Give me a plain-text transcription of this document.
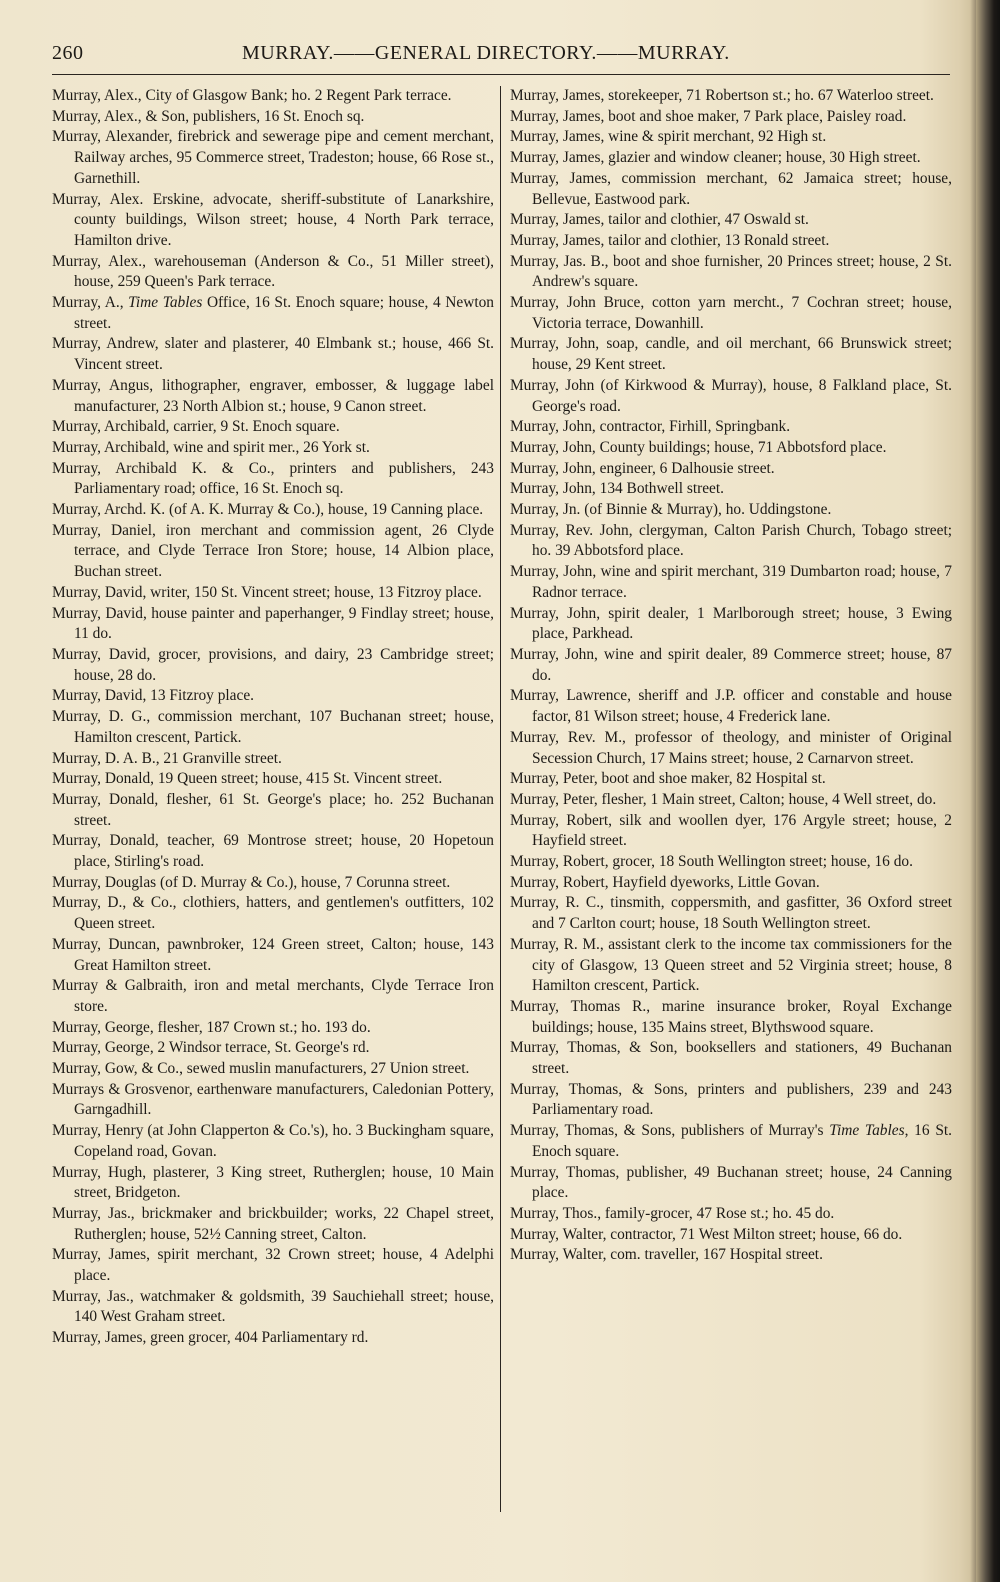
260	MURRAY.——GENERAL DIRECTORY.——MURRAY.

Murray, Alex., City of Glasgow Bank; ho. 2 Regent Park terrace.

Murray, Alex., & Son, publishers, 16 St. Enoch sq.

Murray, Alexander, firebrick and sewerage pipe and cement merchant, Railway arches, 95 Commerce street, Tradeston; house, 66 Rose st., Garnethill.

Murray, Alex. Erskine, advocate, sheriff-substitute of Lanarkshire, county buildings, Wilson street; house, 4 North Park terrace, Hamilton drive.

Murray, Alex., warehouseman (Anderson & Co., 51 Miller street), house, 259 Queen's Park terrace.

Murray, A., Time Tables Office, 16 St. Enoch square; house, 4 Newton street.

Murray, Andrew, slater and plasterer, 40 Elmbank st.; house, 466 St. Vincent street.

Murray, Angus, lithographer, engraver, embosser, & luggage label manufacturer, 23 North Albion st.; house, 9 Canon street.

Murray, Archibald, carrier, 9 St. Enoch square.

Murray, Archibald, wine and spirit mer., 26 York st.

Murray, Archibald K. & Co., printers and publishers, 243 Parliamentary road; office, 16 St. Enoch sq.

Murray, Archd. K. (of A. K. Murray & Co.), house, 19 Canning place.

Murray, Daniel, iron merchant and commission agent, 26 Clyde terrace, and Clyde Terrace Iron Store; house, 14 Albion place, Buchan street.

Murray, David, writer, 150 St. Vincent street; house, 13 Fitzroy place.

Murray, David, house painter and paperhanger, 9 Findlay street; house, 11 do.

Murray, David, grocer, provisions, and dairy, 23 Cambridge street; house, 28 do.

Murray, David, 13 Fitzroy place.

Murray, D. G., commission merchant, 107 Buchanan street; house, Hamilton crescent, Partick.

Murray, D. A. B., 21 Granville street.

Murray, Donald, 19 Queen street; house, 415 St. Vincent street.

Murray, Donald, flesher, 61 St. George's place; ho. 252 Buchanan street.

Murray, Donald, teacher, 69 Montrose street; house, 20 Hopetoun place, Stirling's road.

Murray, Douglas (of D. Murray & Co.), house, 7 Corunna street.

Murray, D., & Co., clothiers, hatters, and gentlemen's outfitters, 102 Queen street.

Murray, Duncan, pawnbroker, 124 Green street, Calton; house, 143 Great Hamilton street.

Murray & Galbraith, iron and metal merchants, Clyde Terrace Iron store.

Murray, George, flesher, 187 Crown st.; ho. 193 do.

Murray, George, 2 Windsor terrace, St. George's rd.

Murray, Gow, & Co., sewed muslin manufacturers, 27 Union street.

Murrays & Grosvenor, earthenware manufacturers, Caledonian Pottery, Garngadhill.

Murray, Henry (at John Clapperton & Co.'s), ho. 3 Buckingham square, Copeland road, Govan.

Murray, Hugh, plasterer, 3 King street, Rutherglen; house, 10 Main street, Bridgeton.

Murray, Jas., brickmaker and brickbuilder; works, 22 Chapel street, Rutherglen; house, 52½ Canning street, Calton.

Murray, James, spirit merchant, 32 Crown street; house, 4 Adelphi place.

Murray, Jas., watchmaker & goldsmith, 39 Sauchiehall street; house, 140 West Graham street.

Murray, James, green grocer, 404 Parliamentary rd.

Murray, James, storekeeper, 71 Robertson st.; ho. 67 Waterloo street.

Murray, James, boot and shoe maker, 7 Park place, Paisley road.

Murray, James, wine & spirit merchant, 92 High st.

Murray, James, glazier and window cleaner; house, 30 High street.

Murray, James, commission merchant, 62 Jamaica street; house, Bellevue, Eastwood park.

Murray, James, tailor and clothier, 47 Oswald st.

Murray, James, tailor and clothier, 13 Ronald street.

Murray, Jas. B., boot and shoe furnisher, 20 Princes street; house, 2 St. Andrew's square.

Murray, John Bruce, cotton yarn mercht., 7 Cochran street; house, Victoria terrace, Dowanhill.

Murray, John, soap, candle, and oil merchant, 66 Brunswick street; house, 29 Kent street.

Murray, John (of Kirkwood & Murray), house, 8 Falkland place, St. George's road.

Murray, John, contractor, Firhill, Springbank.

Murray, John, County buildings; house, 71 Abbotsford place.

Murray, John, engineer, 6 Dalhousie street.

Murray, John, 134 Bothwell street.

Murray, Jn. (of Binnie & Murray), ho. Uddingstone.

Murray, Rev. John, clergyman, Calton Parish Church, Tobago street; ho. 39 Abbotsford place.

Murray, John, wine and spirit merchant, 319 Dumbarton road; house, 7 Radnor terrace.

Murray, John, spirit dealer, 1 Marlborough street; house, 3 Ewing place, Parkhead.

Murray, John, wine and spirit dealer, 89 Commerce street; house, 87 do.

Murray, Lawrence, sheriff and J.P. officer and constable and house factor, 81 Wilson street; house, 4 Frederick lane.

Murray, Rev. M., professor of theology, and minister of Original Secession Church, 17 Mains street; house, 2 Carnarvon street.

Murray, Peter, boot and shoe maker, 82 Hospital st.

Murray, Peter, flesher, 1 Main street, Calton; house, 4 Well street, do.

Murray, Robert, silk and woollen dyer, 176 Argyle street; house, 2 Hayfield street.

Murray, Robert, grocer, 18 South Wellington street; house, 16 do.

Murray, Robert, Hayfield dyeworks, Little Govan.

Murray, R. C., tinsmith, coppersmith, and gasfitter, 36 Oxford street and 7 Carlton court; house, 18 South Wellington street.

Murray, R. M., assistant clerk to the income tax commissioners for the city of Glasgow, 13 Queen street and 52 Virginia street; house, 8 Hamilton crescent, Partick.

Murray, Thomas R., marine insurance broker, Royal Exchange buildings; house, 135 Mains street, Blythswood square.

Murray, Thomas, & Son, booksellers and stationers, 49 Buchanan street.

Murray, Thomas, & Sons, printers and publishers, 239 and 243 Parliamentary road.

Murray, Thomas, & Sons, publishers of Murray's Time Tables, 16 St. Enoch square.

Murray, Thomas, publisher, 49 Buchanan street; house, 24 Canning place.

Murray, Thos., family-grocer, 47 Rose st.; ho. 45 do.

Murray, Walter, contractor, 71 West Milton street; house, 66 do.

Murray, Walter, com. traveller, 167 Hospital street.
